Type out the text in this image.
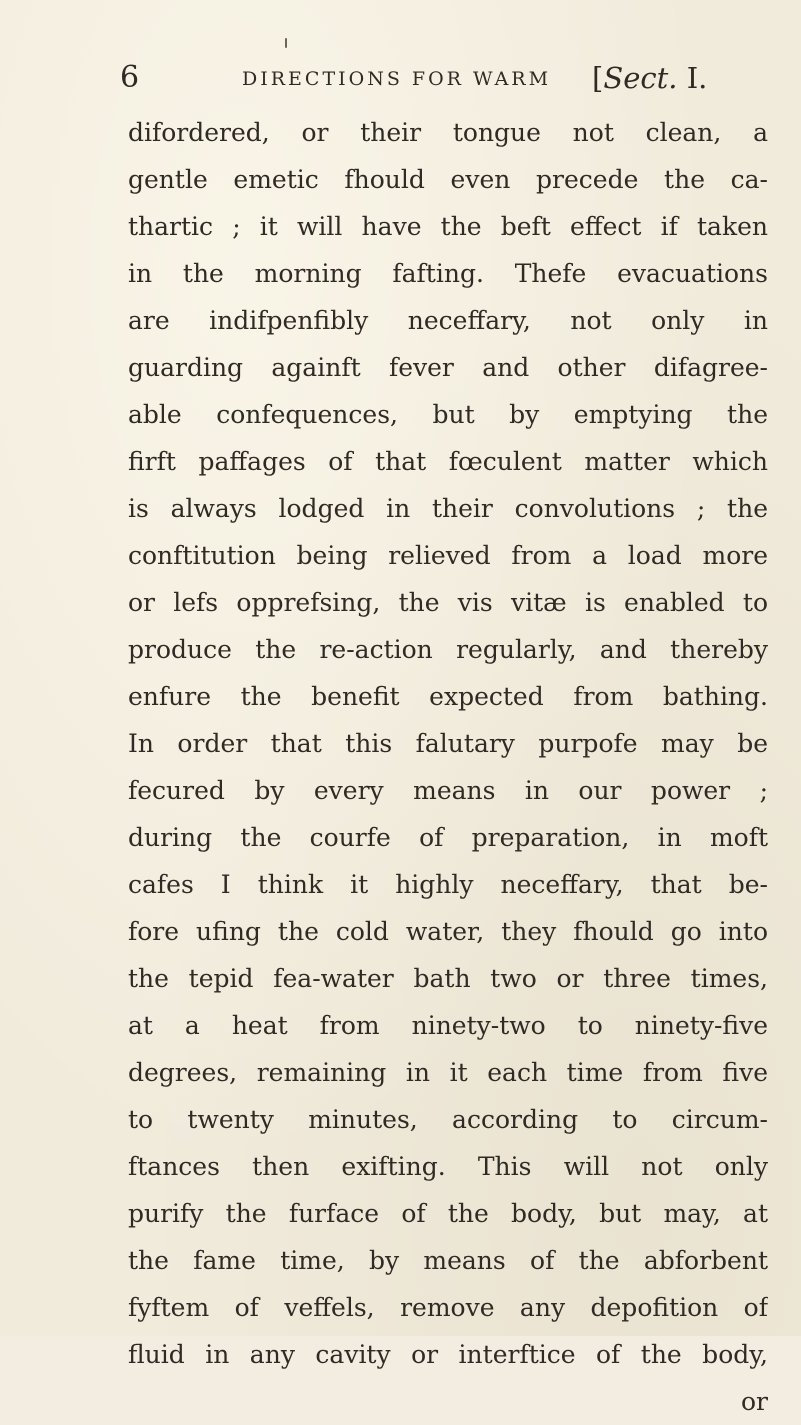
6	DIRECTIONS FOR WARM [Sect. I.
difordered, or their tongue not clean, a
gentle emetic fhould even precede the ca-
thartic ; it will have the beft effect if taken
in the morning fafting. Thefe evacuations
are indifpenfibly neceffary, not only in
guarding againft fever and other difagree-
able confequences, but by emptying the
firft paffages of that fœculent matter which
is always lodged in their convolutions ; the
conftitution being relieved from a load more
or lefs opprefsing, the vis vitæ is enabled to
produce the re-action regularly, and thereby
enfure the benefit expected from bathing.
In order that this falutary purpofe may be
fecured by every means in our power ;
during the courfe of preparation, in moft
cafes I think it highly neceffary, that be-
fore ufing the cold water, they fhould go into
the tepid fea-water bath two or three times,
at a heat from ninety-two to ninety-five
degrees, remaining in it each time from five
to twenty minutes, according to circum-
ftances then exifting. This will not only
purify the furface of the body, but may, at
the fame time, by means of the abforbent
fyftem of veffels, remove any depofition of
fluid in any cavity or interftice of the body,
or
